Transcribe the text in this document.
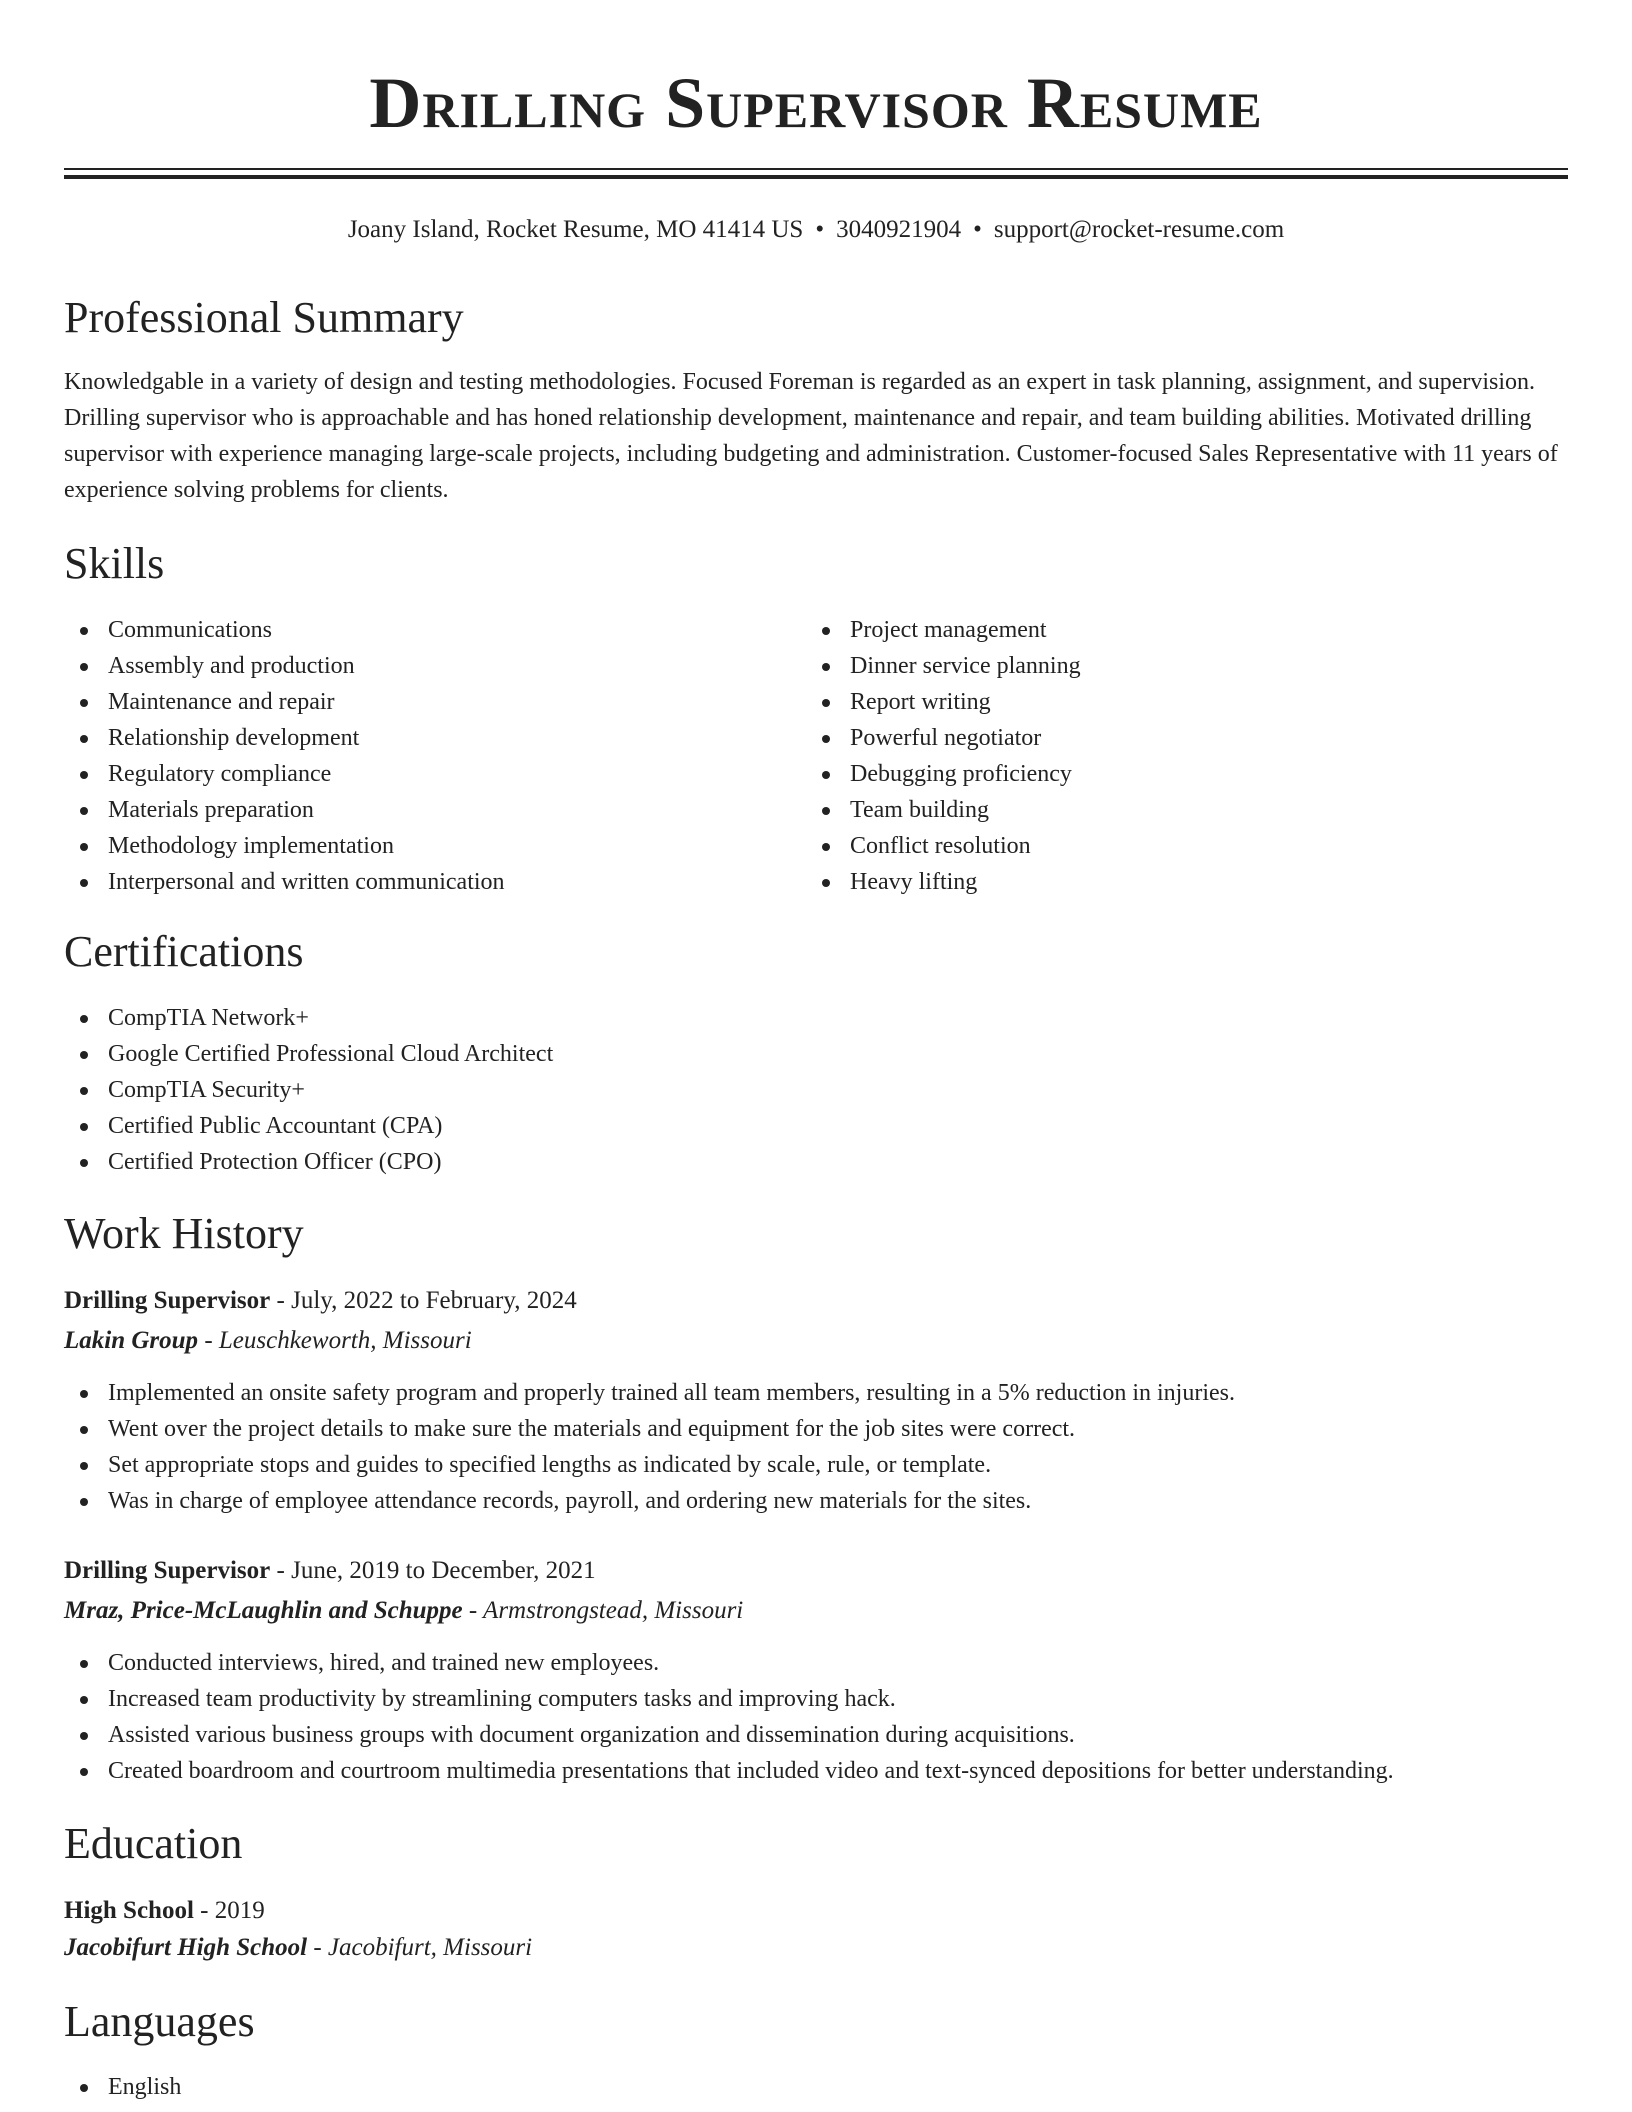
Drilling Supervisor Resume
Joany Island, Rocket Resume, MO 41414 US • 3040921904 • support@rocket-resume.com
Professional Summary

Knowledgable in a variety of design and testing methodologies. Focused Foreman is regarded as an expert in task planning, assignment, and supervision. Drilling supervisor who is approachable and has honed relationship development, maintenance and repair, and team building abilities. Motivated drilling supervisor with experience managing large-scale projects, including budgeting and administration. Customer-focused Sales Representative with 11 years of experience solving problems for clients.

Skills
Communications
Assembly and production
Maintenance and repair
Relationship development
Regulatory compliance
Materials preparation
Methodology implementation
Interpersonal and written communication
Project management
Dinner service planning
Report writing
Powerful negotiator
Debugging proficiency
Team building
Conflict resolution
Heavy lifting
Certifications
CompTIA Network+
Google Certified Professional Cloud Architect
CompTIA Security+
Certified Public Accountant (CPA)
Certified Protection Officer (CPO)
Work History
Drilling Supervisor - July, 2022 to February, 2024
Lakin Group - Leuschkeworth, Missouri
Implemented an onsite safety program and properly trained all team members, resulting in a 5% reduction in injuries.
Went over the project details to make sure the materials and equipment for the job sites were correct.
Set appropriate stops and guides to specified lengths as indicated by scale, rule, or template.
Was in charge of employee attendance records, payroll, and ordering new materials for the sites.
Drilling Supervisor - June, 2019 to December, 2021
Mraz, Price-McLaughlin and Schuppe - Armstrongstead, Missouri
Conducted interviews, hired, and trained new employees.
Increased team productivity by streamlining computers tasks and improving hack.
Assisted various business groups with document organization and dissemination during acquisitions.
Created boardroom and courtroom multimedia presentations that included video and text-synced depositions for better understanding.
Education
High School - 2019
Jacobifurt High School - Jacobifurt, Missouri
Languages
English
